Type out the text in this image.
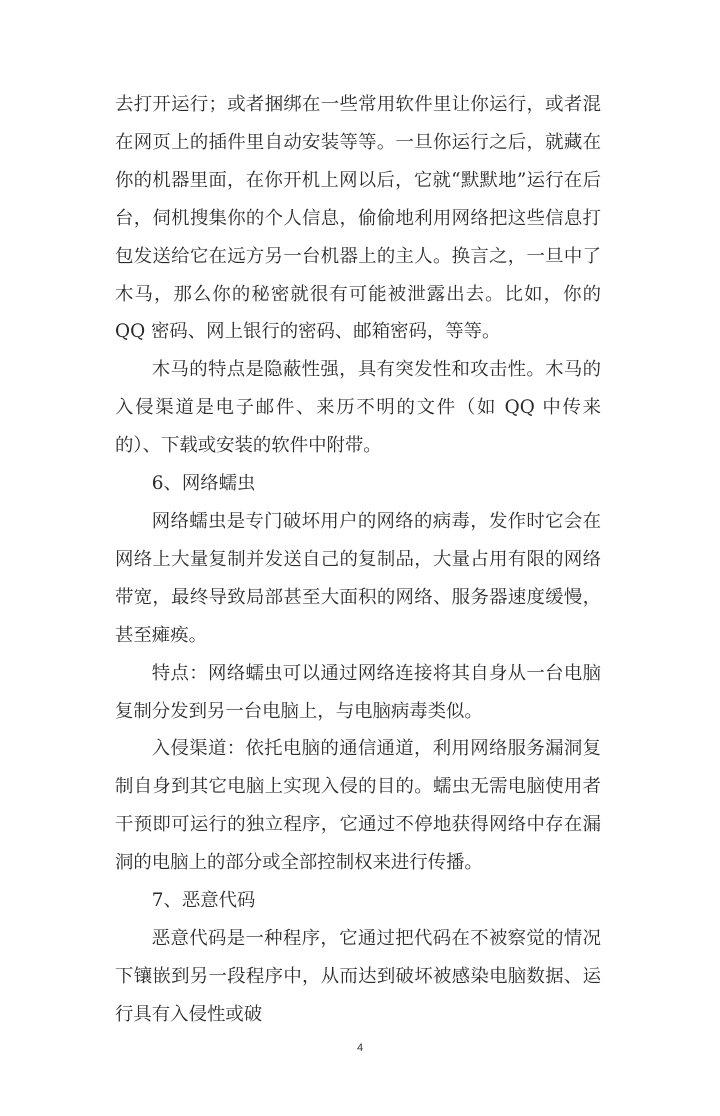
去打开运行；或者捆绑在一些常用软件里让你运行，或者混在网页上的插件里自动安装等等。一旦你运行之后，就藏在你的机器里面，在你开机上网以后，它就“默默地”运行在后台，伺机搜集你的个人信息，偷偷地利用网络把这些信息打包发送给它在远方另一台机器上的主人。换言之，一旦中了木马，那么你的秘密就很有可能被泄露出去。比如，你的 QQ 密码、网上银行的密码、邮箱密码，等等。

木马的特点是隐蔽性强，具有突发性和攻击性。木马的入侵渠道是电子邮件、来历不明的文件（如 QQ 中传来的）、下载或安装的软件中附带。

6、网络蠕虫

网络蠕虫是专门破坏用户的网络的病毒，发作时它会在网络上大量复制并发送自己的复制品，大量占用有限的网络带宽，最终导致局部甚至大面积的网络、服务器速度缓慢，甚至瘫痪。

特点：网络蠕虫可以通过网络连接将其自身从一台电脑复制分发到另一台电脑上，与电脑病毒类似。

入侵渠道：依托电脑的通信通道，利用网络服务漏洞复制自身到其它电脑上实现入侵的目的。蠕虫无需电脑使用者干预即可运行的独立程序，它通过不停地获得网络中存在漏洞的电脑上的部分或全部控制权来进行传播。

7、恶意代码

恶意代码是一种程序，它通过把代码在不被察觉的情况下镶嵌到另一段程序中，从而达到破坏被感染电脑数据、运行具有入侵性或破

4
